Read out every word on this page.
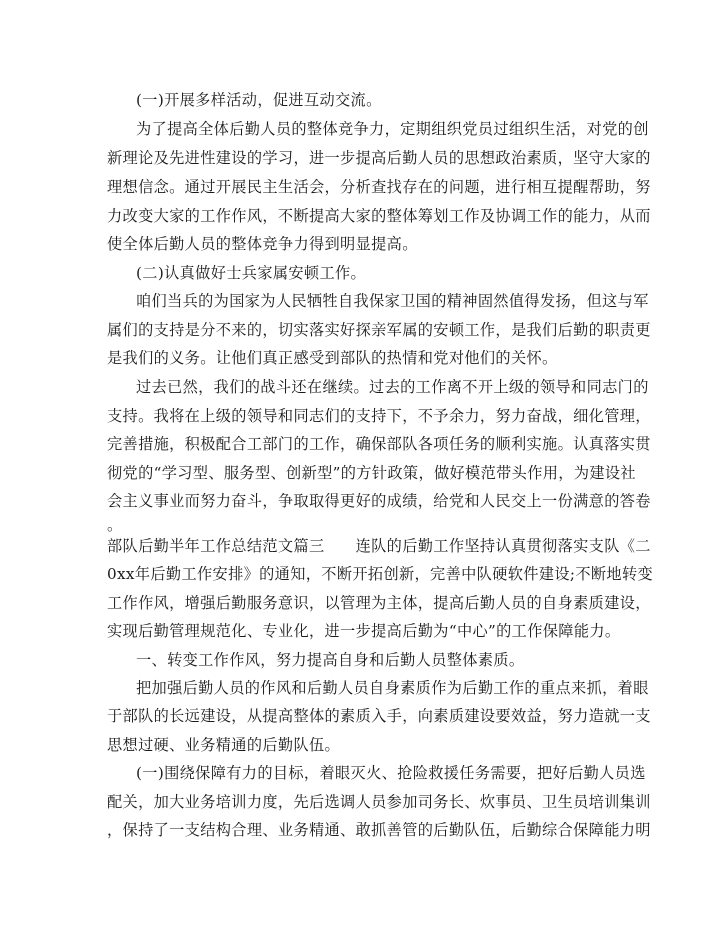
(一)开展多样活动，促进互动交流。
为了提高全体后勤人员的整体竞争力，定期组织党员过组织生活，对党的创
新理论及先进性建设的学习，进一步提高后勤人员的思想政治素质，坚守大家的
理想信念。通过开展民主生活会，分析查找存在的问题，进行相互提醒帮助，努
力改变大家的工作作风，不断提高大家的整体筹划工作及协调工作的能力，从而
使全体后勤人员的整体竞争力得到明显提高。
(二)认真做好士兵家属安顿工作。
咱们当兵的为国家为人民牺牲自我保家卫国的精神固然值得发扬，但这与军
属们的支持是分不来的，切实落实好探亲军属的安顿工作，是我们后勤的职责更
是我们的义务。让他们真正感受到部队的热情和党对他们的关怀。
过去已然，我们的战斗还在继续。过去的工作离不开上级的领导和同志门的
支持。我将在上级的领导和同志们的支持下，不予余力，努力奋战，细化管理，
完善措施，积极配合工部门的工作，确保部队各项任务的顺利实施。认真落实贯
彻党的“学习型、服务型、创新型”的方针政策，做好模范带头作用，为建设社
会主义事业而努力奋斗，争取取得更好的成绩，给党和人民交上一份满意的答卷
。
部队后勤半年工作总结范文篇三　　连队的后勤工作坚持认真贯彻落实支队《二
0xx年后勤工作安排》的通知，不断开拓创新，完善中队硬软件建设;不断地转变
工作作风，增强后勤服务意识，以管理为主体，提高后勤人员的自身素质建设，
实现后勤管理规范化、专业化，进一步提高后勤为“中心”的工作保障能力。
一、转变工作作风，努力提高自身和后勤人员整体素质。
把加强后勤人员的作风和后勤人员自身素质作为后勤工作的重点来抓，着眼
于部队的长远建设，从提高整体的素质入手，向素质建设要效益，努力造就一支
思想过硬、业务精通的后勤队伍。
(一)围绕保障有力的目标，着眼灭火、抢险救援任务需要，把好后勤人员选
配关，加大业务培训力度，先后选调人员参加司务长、炊事员、卫生员培训集训
，保持了一支结构合理、业务精通、敢抓善管的后勤队伍，后勤综合保障能力明
